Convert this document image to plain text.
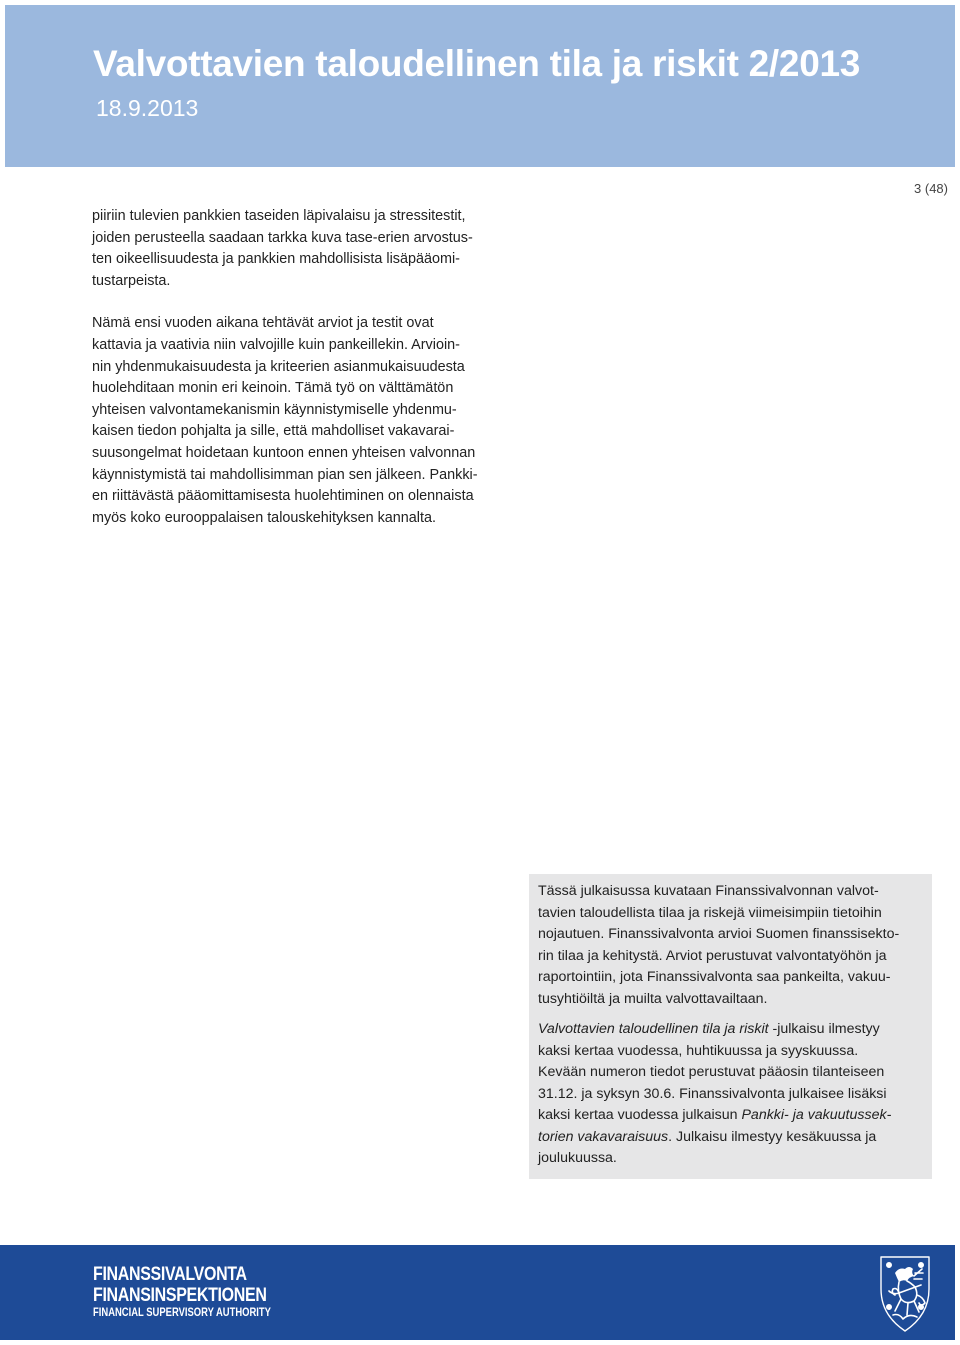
Valvottavien taloudellinen tila ja riskit 2/2013
18.9.2013
3 (48)

piiriin tulevien pankkien taseiden läpivalaisu ja stressitestit,
joiden perusteella saadaan tarkka kuva tase-erien arvostus-
ten oikeellisuudesta ja pankkien mahdollisista lisäpääomi-
tustarpeista.

Nämä ensi vuoden aikana tehtävät arviot ja testit ovat
kattavia ja vaativia niin valvojille kuin pankeillekin. Arvioin-
nin yhdenmukaisuudesta ja kriteerien asianmukaisuudesta
huolehditaan monin eri keinoin. Tämä työ on välttämätön
yhteisen valvontamekanismin käynnistymiselle yhdenmu-
kaisen tiedon pohjalta ja sille, että mahdolliset vakavarai-
suusongelmat hoidetaan kuntoon ennen yhteisen valvonnan
käynnistymistä tai mahdollisimman pian sen jälkeen. Pankki-
en riittävästä pääomittamisesta huolehtiminen on olennaista
myös koko eurooppalaisen talouskehityksen kannalta.

Tässä julkaisussa kuvataan Finanssivalvonnan valvot-
tavien taloudellista tilaa ja riskejä viimeisimpiin tietoihin
nojautuen. Finanssivalvonta arvioi Suomen finanssisekto-
rin tilaa ja kehitystä. Arviot perustuvat valvontatyöhön ja
raportointiin, jota Finanssivalvonta saa pankeilta, vakuu-
tusyhtiöiltä ja muilta valvottavailtaan.

Valvottavien taloudellinen tila ja riskit -julkaisu ilmestyy
kaksi kertaa vuodessa, huhtikuussa ja syyskuussa.
Kevään numeron tiedot perustuvat pääosin tilanteiseen
31.12. ja syksyn 30.6. Finanssivalvonta julkaisee lisäksi
kaksi kertaa vuodessa julkaisun Pankki- ja vakuutussek-
torien vakavaraisuus. Julkaisu ilmestyy kesäkuussa ja
joulukuussa.

FINANSSIVALVONTA
FINANSINSPEKTIONEN
FINANCIAL SUPERVISORY AUTHORITY
